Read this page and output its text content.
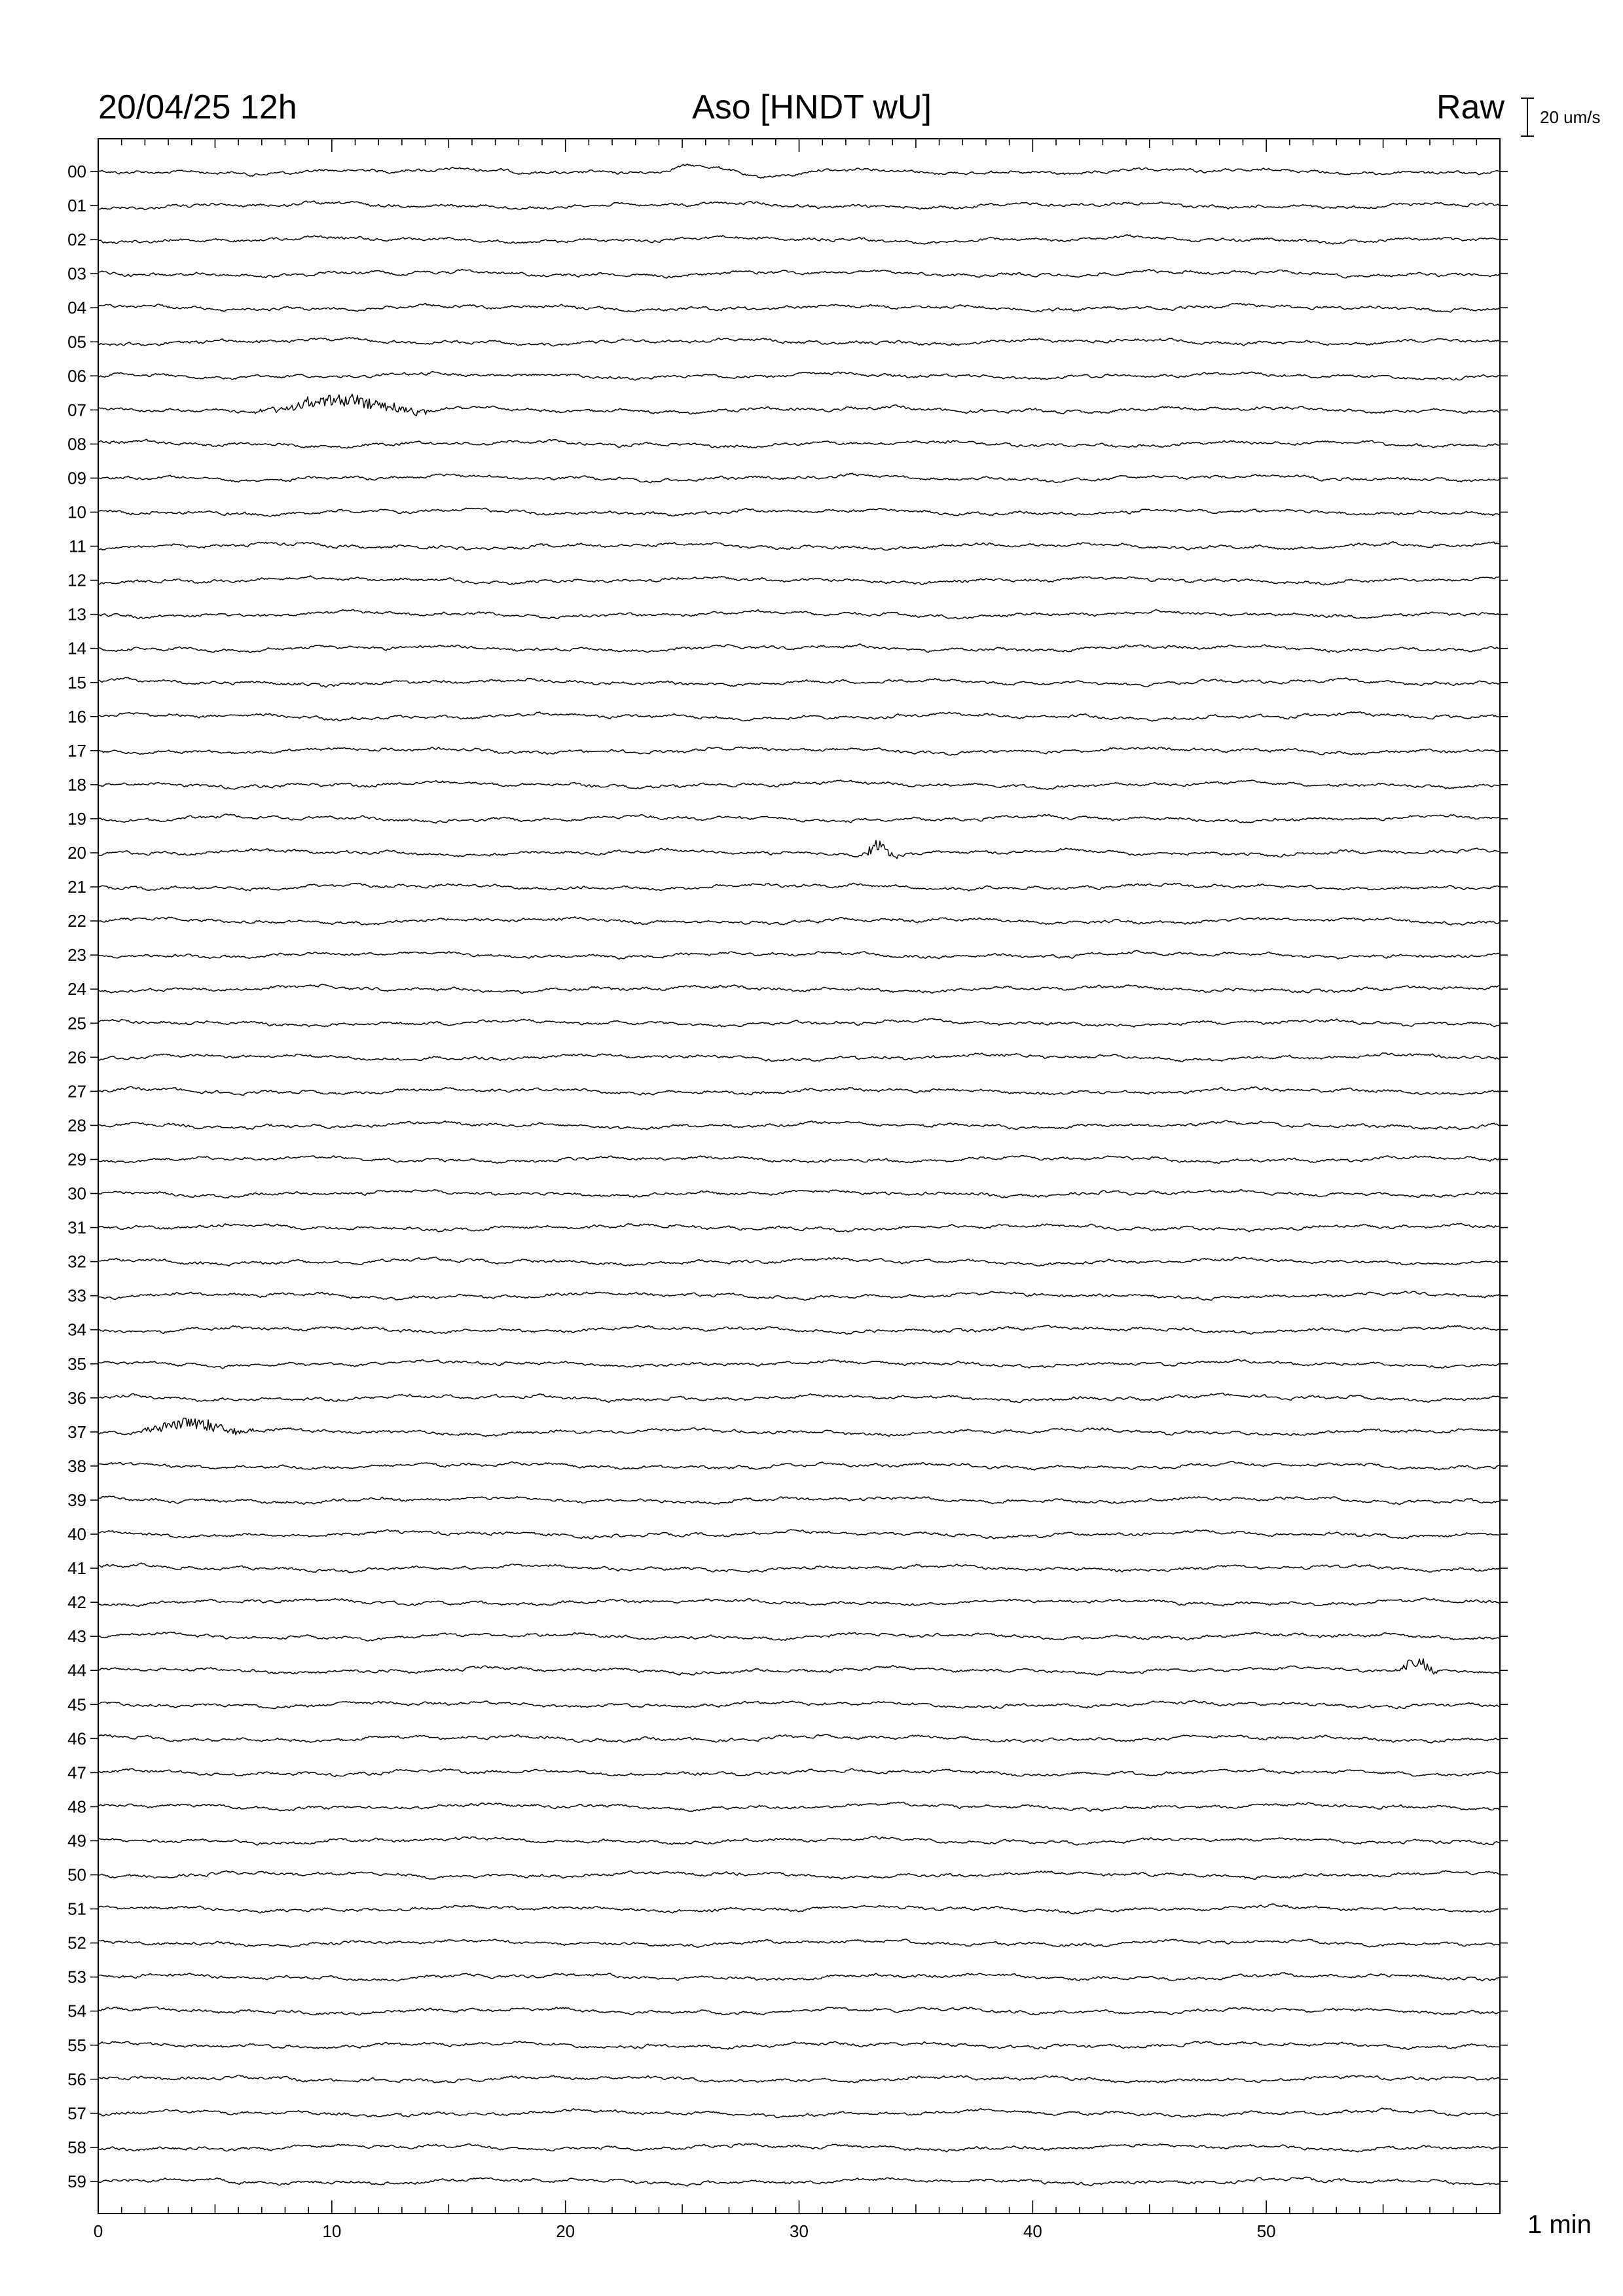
20/04/25 12h	Aso [HNDT wU]	Raw 20 um/s
1 min
0	10	20	30	40	50
00
01
02
03
04
05
06
07
08
09
10
11
12
13
14
15
16
17
18
19
20
21
22
23
24
25
26
27
28
29
30
31
32
33
34
35
36
37
38
39
40
41
42
43
44
45
46
47
48
49
50
51
52
53
54
55
56
57
58
59
